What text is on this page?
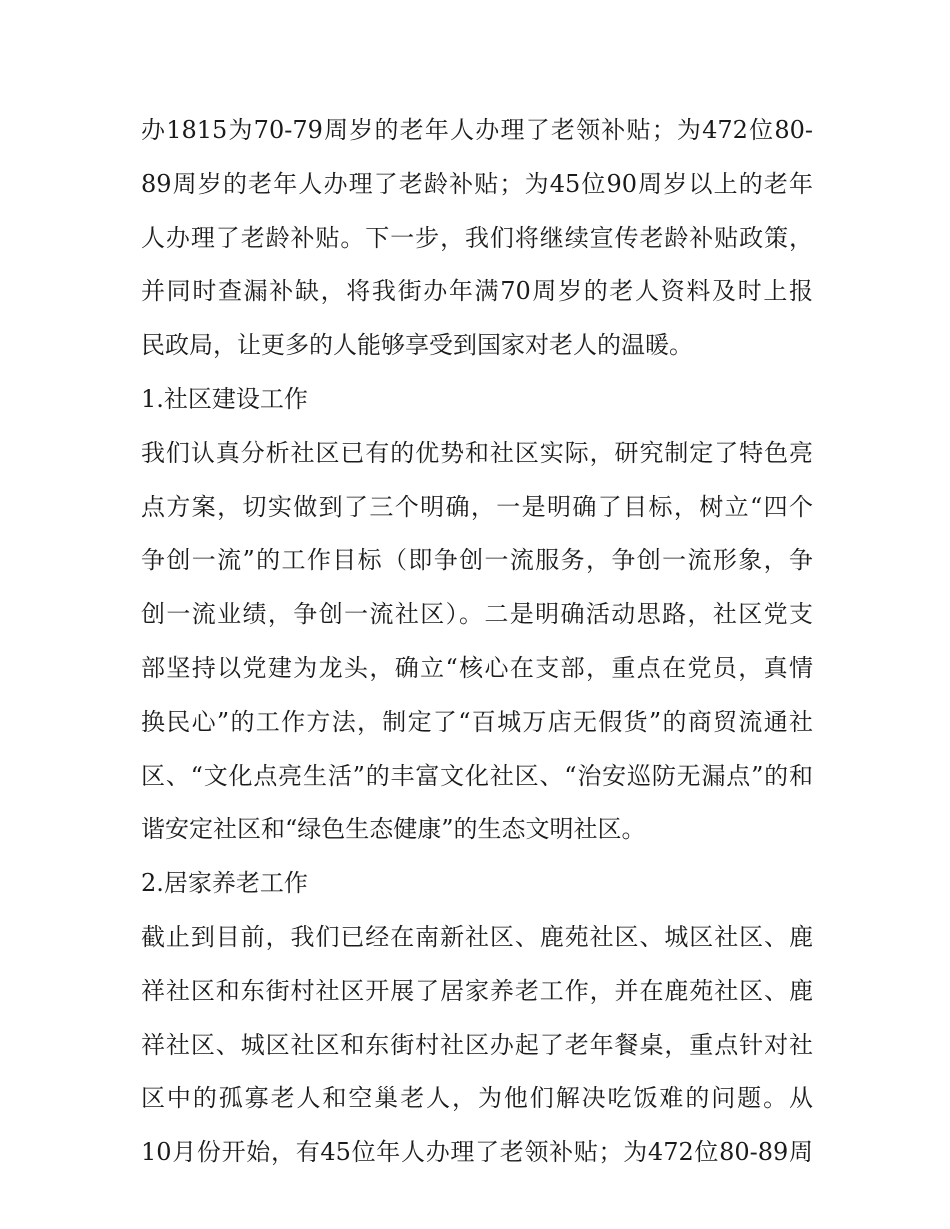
办1815为70-79周岁的老年人办理了老领补贴；为472位80-
89周岁的老年人办理了老龄补贴；为45位90周岁以上的老年
人办理了老龄补贴。下一步，我们将继续宣传老龄补贴政策，
并同时查漏补缺，将我街办年满70周岁的老人资料及时上报
民政局，让更多的人能够享受到国家对老人的温暖。
1.社区建设工作
我们认真分析社区已有的优势和社区实际，研究制定了特色亮
点方案，切实做到了三个明确，一是明确了目标，树立“四个
争创一流”的工作目标（即争创一流服务，争创一流形象，争
创一流业绩，争创一流社区）。二是明确活动思路，社区党支
部坚持以党建为龙头，确立“核心在支部，重点在党员，真情
换民心”的工作方法，制定了“百城万店无假货”的商贸流通社
区、“文化点亮生活”的丰富文化社区、“治安巡防无漏点”的和
谐安定社区和“绿色生态健康”的生态文明社区。
2.居家养老工作
截止到目前，我们已经在南新社区、鹿苑社区、城区社区、鹿
祥社区和东街村社区开展了居家养老工作，并在鹿苑社区、鹿
祥社区、城区社区和东街村社区办起了老年餐桌，重点针对社
区中的孤寡老人和空巢老人，为他们解决吃饭难的问题。从
10月份开始，有45位年人办理了老领补贴；为472位80-89周
